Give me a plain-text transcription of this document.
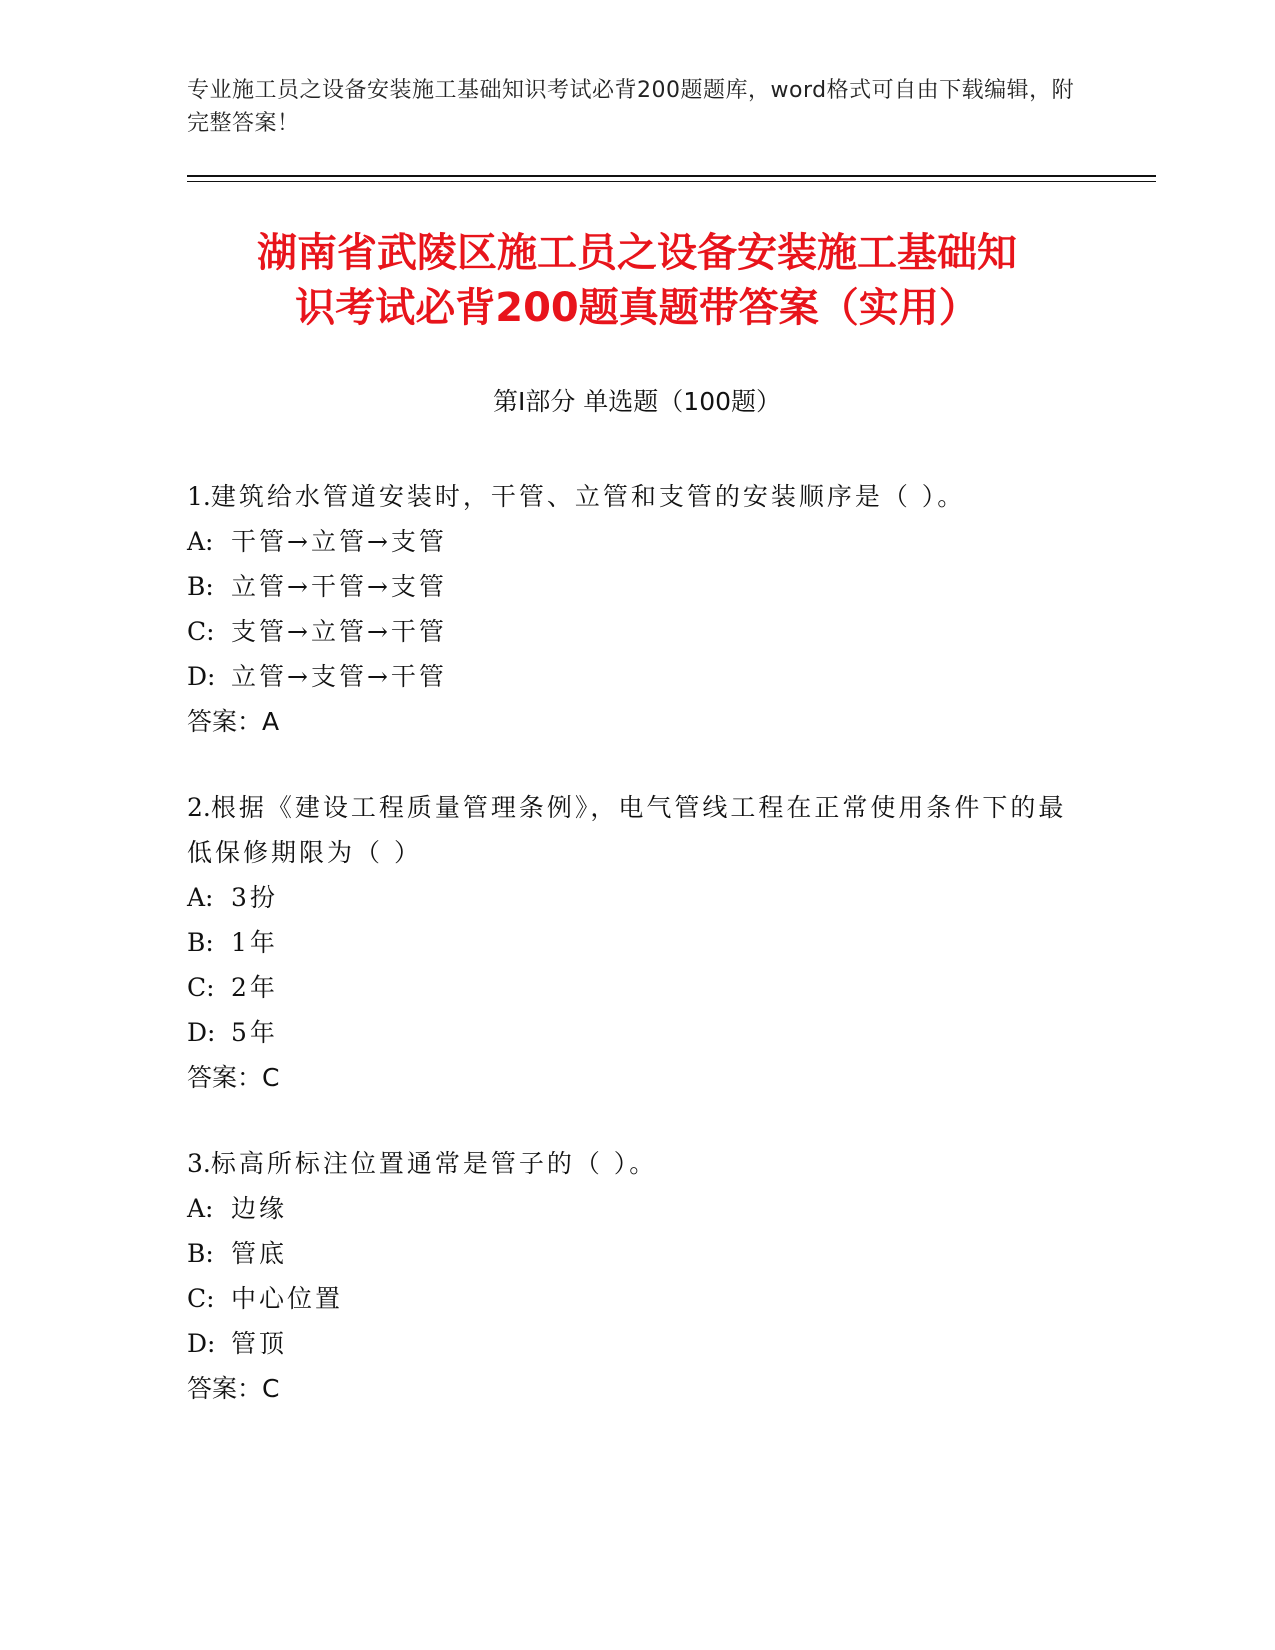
专业施工员之设备安装施工基础知识考试必背200题题库，word格式可自由下载编辑，附完整答案！
湖南省武陵区施工员之设备安装施工基础知
识考试必背200题真题带答案（实用）
第Ⅰ部分 单选题（100题）

1.建筑给水管道安装时，干管、立管和支管的安装顺序是（ ）。

A: 干管→立管→支管

B: 立管→干管→支管

C: 支管→立管→干管

D: 立管→支管→干管

答案：A

2.根据《建设工程质量管理条例》，电气管线工程在正常使用条件下的最低保修期限为（ ）

A: 3扮

B: 1年

C: 2年

D: 5年

答案：C

3.标高所标注位置通常是管子的（ ）。

A: 边缘

B: 管底

C: 中心位置

D: 管顶

答案：C
